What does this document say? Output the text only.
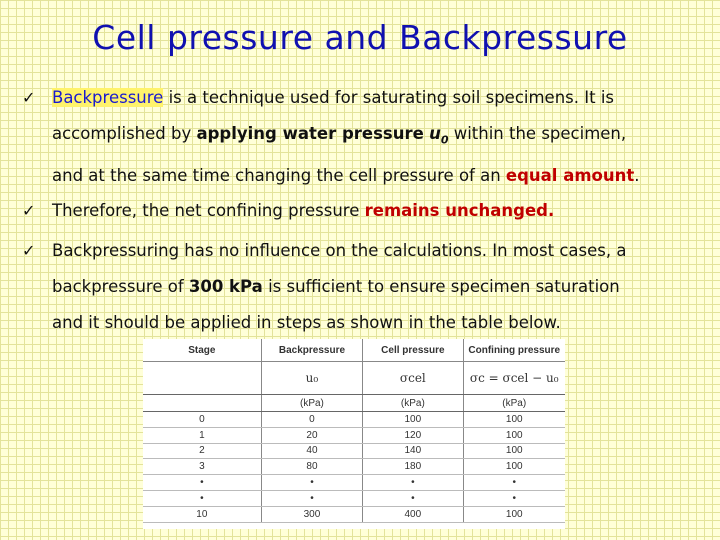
Cell pressure and Backpressure
✓ Backpressure is a technique used for saturating soil specimens. It is
accomplished by applying water pressure $u_0$ within the specimen,
and at the same time changing the cell pressure of an equal amount.
✓ Therefore, the net confining pressure remains unchanged.
✓ Backpressuring has no influence on the calculations. In most cases, a
backpressure of 300 kPa is sufficient to ensure specimen saturation
and it should be applied in steps as shown in the table below.
Stage	Backpressure	Cell pressure	Confining pressure
	u₀	σcel	σc = σcel − u₀
	(kPa)	(kPa)	(kPa)
0	0	100	100
1	20	120	100
2	40	140	100
3	80	180	100
•	•	•	•
•	•	•	•
10	300	400	100
